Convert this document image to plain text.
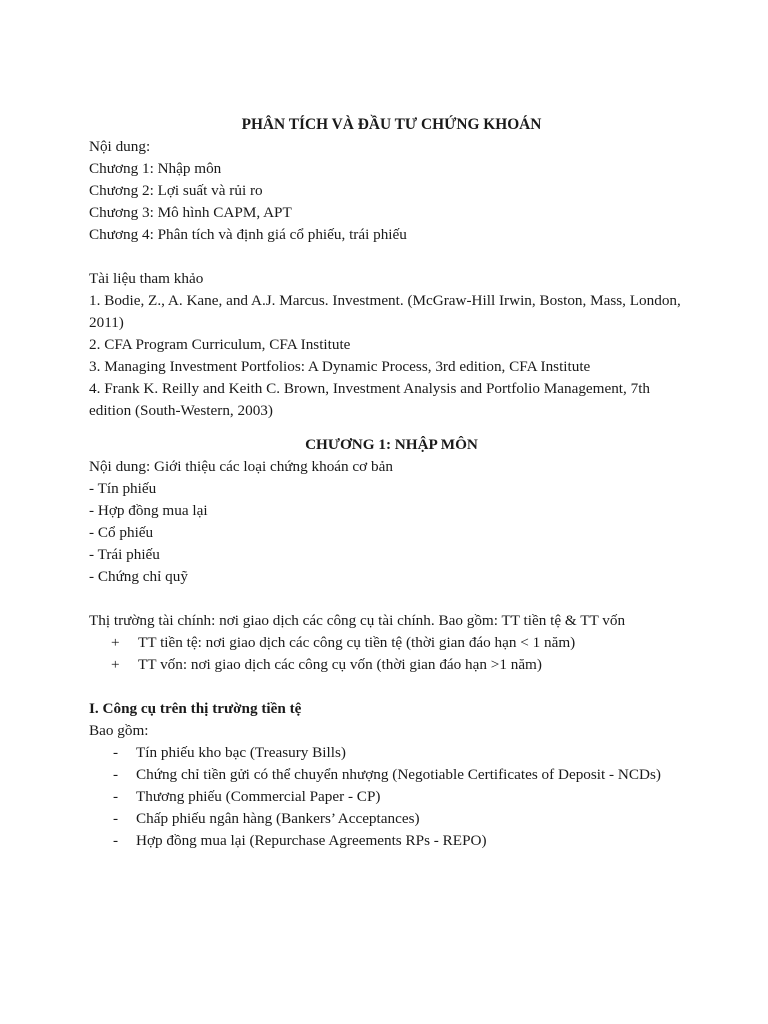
PHÂN TÍCH VÀ ĐẦU TƯ CHỨNG KHOÁN

Nội dung:

Chương 1: Nhập môn

Chương 2: Lợi suất và rủi ro

Chương 3: Mô hình CAPM, APT

Chương 4: Phân tích và định giá cổ phiếu, trái phiếu

Tài liệu tham khảo

1. Bodie, Z., A. Kane, and A.J. Marcus. Investment. (McGraw-Hill Irwin, Boston, Mass, London, 2011)

2. CFA Program Curriculum, CFA Institute

3. Managing Investment Portfolios: A Dynamic Process, 3rd edition, CFA Institute

4. Frank K. Reilly and Keith C. Brown, Investment Analysis and Portfolio Management, 7th edition (South-Western, 2003)

CHƯƠNG 1: NHẬP MÔN

Nội dung: Giới thiệu các loại chứng khoán cơ bản

- Tín phiếu

- Hợp đồng mua lại

- Cổ phiếu

- Trái phiếu

- Chứng chỉ quỹ

Thị trường tài chính: nơi giao dịch các công cụ tài chính. Bao gồm: TT tiền tệ & TT vốn

+ TT tiền tệ: nơi giao dịch các công cụ tiền tệ (thời gian đáo hạn < 1 năm)
+ TT vốn: nơi giao dịch các công cụ vốn (thời gian đáo hạn >1 năm)

I. Công cụ trên thị trường tiền tệ

Bao gồm:

- Tín phiếu kho bạc (Treasury Bills)
- Chứng chỉ tiền gửi có thể chuyển nhượng (Negotiable Certificates of Deposit - NCDs)
- Thương phiếu (Commercial Paper - CP)
- Chấp phiếu ngân hàng (Bankers’ Acceptances)
- Hợp đồng mua lại (Repurchase Agreements RPs - REPO)
